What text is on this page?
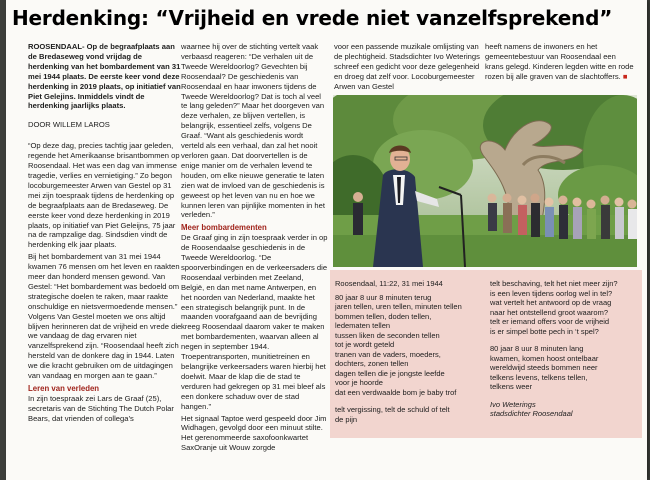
Herdenking: “Vrijheid en vrede niet vanzelfsprekend”

ROOSENDAAL- Op de begraafplaats aan de Bredaseweg vond vrijdag de herdenking van het bombardement van 31 mei 1944 plaats. De eerste keer vond deze herdenking in 2019 plaats, op initiatief van Piet Gelejins. Inmiddels vindt de herdenking jaarlijks plaats.

DOOR WILLEM LAROS

“Op deze dag, precies tachtig jaar geleden, regende het Amerikaanse brisantbommen op Roosendaal. Het was een dag van immense tragedie, verlies en vernietiging.” Zo begon locoburgemeester Arwen van Gestel op 31 mei zijn toespraak tijdens de herdenking op de begraafplaats aan de Bredaseweg. De eerste keer vond deze herdenking in 2019 plaats, op initiatief van Piet Geleijns, 75 jaar na de rampzalige dag. Sindsdien vindt de herdenking elk jaar plaats.

Bij het bombardement van 31 mei 1944 kwamen 76 mensen om het leven en raakten meer dan honderd mensen gewond. Van Gestel: “Het bombardement was bedoeld om strategische doelen te raken, maar raakte onschuldige en nietsvermoedende mensen.” Volgens Van Gestel moeten we ons altijd blijven herinneren dat de vrijheid en vrede die we vandaag de dag ervaren niet vanzelfsprekend zijn. “Roosendaal heeft zich hersteld van de donkere dag in 1944. Laten we die kracht gebruiken om de uitdagingen van vandaag en morgen aan te gaan.”

Leren van verleden

In zijn toespraak zei Lars de Graaf (25), secretaris van de Stichting The Dutch Polar Bears, dat vrienden of collega’s

waarnee hij over de stichting vertelt vaak verbaasd reageren: “De verhalen uit de Tweede Wereldoorlog? Gevechten bij Roosendaal? De geschiedenis van Roosendaal en haar inwoners tijdens de Tweede Wereldoorlog? Dat is toch al veel te lang geleden?” Maar het doorgeven van deze verhalen, ze blijven vertellen, is belangrijk, essentieel zelfs, volgens De Graaf. “Want als geschiedenis wordt verteld als een verhaal, dan zal het nooit verloren gaan. Dat doorvertellen is de enige manier om de verhalen levend te houden, om elke nieuwe generatie te laten zien wat de invloed van de geschiedenis is geweest op het leven van nu en hoe we kunnen leren van pijnlijke momenten in het verleden.”

Meer bombardementen

De Graaf ging in zijn toespraak verder in op de Roosendaalse geschiedenis in de Tweede Wereldoorlog. “De spoorverbindingen en de verkeersaders die Roosendaal verbinden met Zeeland, België, en dan met name Antwerpen, en het noorden van Nederland, maakte het een strategisch belangrijk punt. In de maanden voorafgaand aan de bevrijding kreeg Roosendaal daarom vaker te maken met bombardementen, waarvan alleen al negen in september 1944. Troepentransporten, munitietreinen en belangrijke verkeersaders waren hierbij het doelwit. Maar de klap die de stad te verduren had gekregen op 31 mei bleef als een donkere schaduw over de stad hangen.”

Het signaal Taptoe werd gespeeld door Jim Widhagen, gevolgd door een minuut stilte. Het gerenommeerde saxofoonkwartet SaxOranje uit Wouw zorgde

voor een passende muzikale omlijsting van de plechtigheid. Stadsdichter Ivo Weterings schreef een gedicht voor deze gelegenheid en droeg dat zelf voor. Locoburgemeester Arwen van Gestel

heeft namens de inwoners en het gemeentebestuur van Roosendaal een krans gelegd. Kinderen legden witte en rode rozen bij alle graven van de slachtoffers. ■

Roosendaal, 11:22, 31 mei 1944

80 jaar 8 uur 8 minuten terug
jaren tellen, uren tellen, minuten tellen
bommen tellen, doden tellen,
ledematen tellen
tussen liken de seconden tellen
tot je wordt geteld
tranen van de vaders, moeders,
dochters, zonen tellen
dagen tellen die je jongste leefde
voor je hoorde
dat een verdwaalde bom je baby trof

telt vergissing, telt de schuld of telt
de pijn

telt beschaving, telt het niet meer zijn?
is een leven tijdens oorlog wel in tel?
wat vertelt het antwoord op de vraag
naar het ontstellend groot waarom?
telt er iemand offers voor de vrijheid
is er simpel botte pech in ‘t spel?

80 jaar 8 uur 8 minuten lang
kwamen, komen hoost ontelbaar
wereldwijd steeds bommen neer
telkens levens, telkens tellen,
telkens weer

Ivo Weterings
stadsdichter Roosendaal
